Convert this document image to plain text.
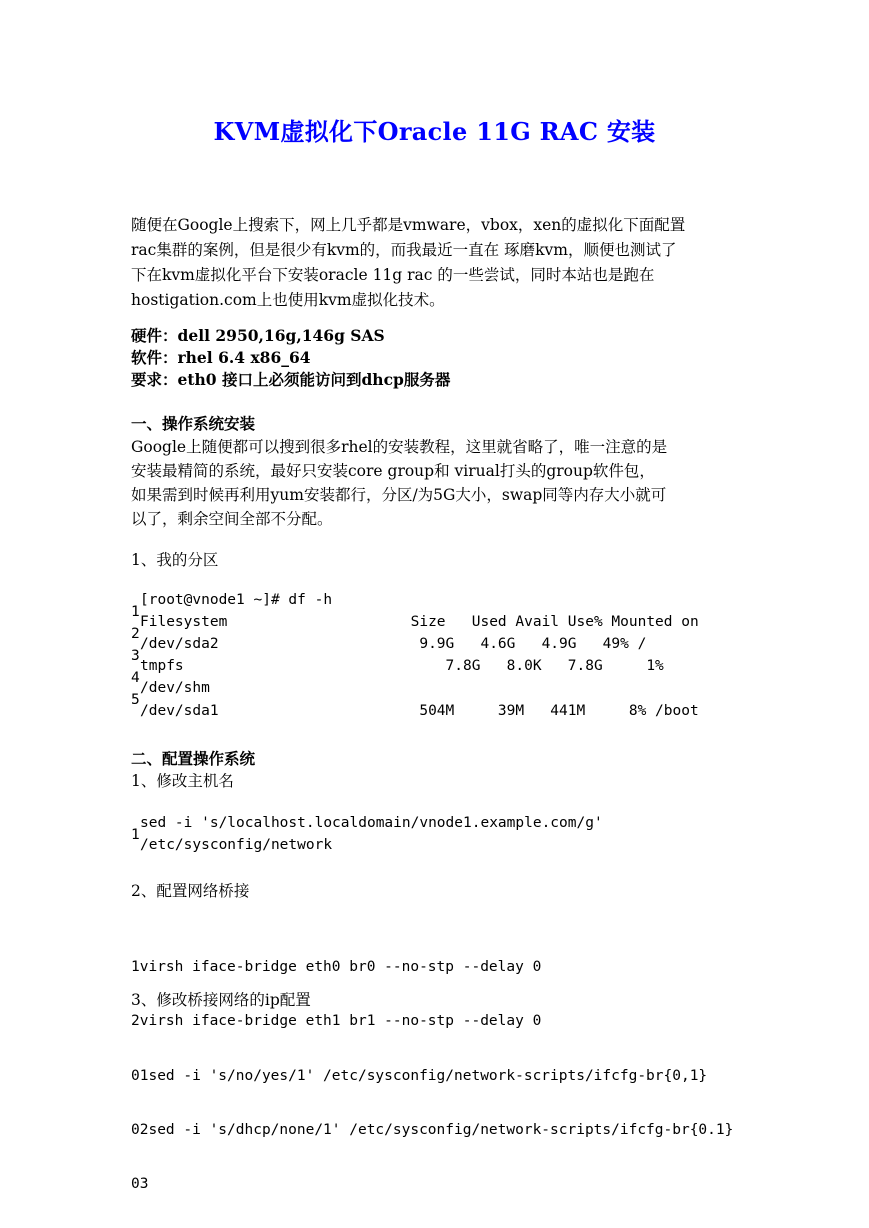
KVM虚拟化下Oracle 11G RAC 安装
随便在Google上搜索下，网上几乎都是vmware，vbox，xen的虚拟化下面配置
rac集群的案例，但是很少有kvm的，而我最近一直在 琢磨kvm，顺便也测试了
下在kvm虚拟化平台下安装oracle 11g rac 的一些尝试，同时本站也是跑在
hostigation.com上也使用kvm虚拟化技术。
硬件：dell 2950,16g,146g SAS
软件：rhel 6.4 x86_64
要求：eth0 接口上必须能访问到dhcp服务器
一、操作系统安装
Google上随便都可以搜到很多rhel的安装教程，这里就省略了，唯一注意的是
安装最精简的系统，最好只安装core group和 virual打头的group软件包，
如果需到时候再利用yum安装都行，分区/为5G大小，swap同等内存大小就可
以了，剩余空间全部不分配。
1、我的分区

1

2

3

4

5

[root@vnode1 ~]# df -h

Filesystem                     Size   Used Avail Use% Mounted on

/dev/sda2                       9.9G   4.6G   4.9G   49% /

tmpfs                              7.8G   8.0K   7.8G     1%

/dev/shm

/dev/sda1                       504M     39M   441M     8% /boot

二、配置操作系统
1、修改主机名

1

sed -i 's/localhost.localdomain/vnode1.example.com/g'

/etc/sysconfig/network

2、配置网络桥接

1virsh iface-bridge eth0 br0 --no-stp --delay 0

2virsh iface-bridge eth1 br1 --no-stp --delay 0

3、修改桥接网络的ip配置

01sed -i 's/no/yes/1' /etc/sysconfig/network-scripts/ifcfg-br{0,1}

02sed -i 's/dhcp/none/1' /etc/sysconfig/network-scripts/ifcfg-br{0.1}

03
